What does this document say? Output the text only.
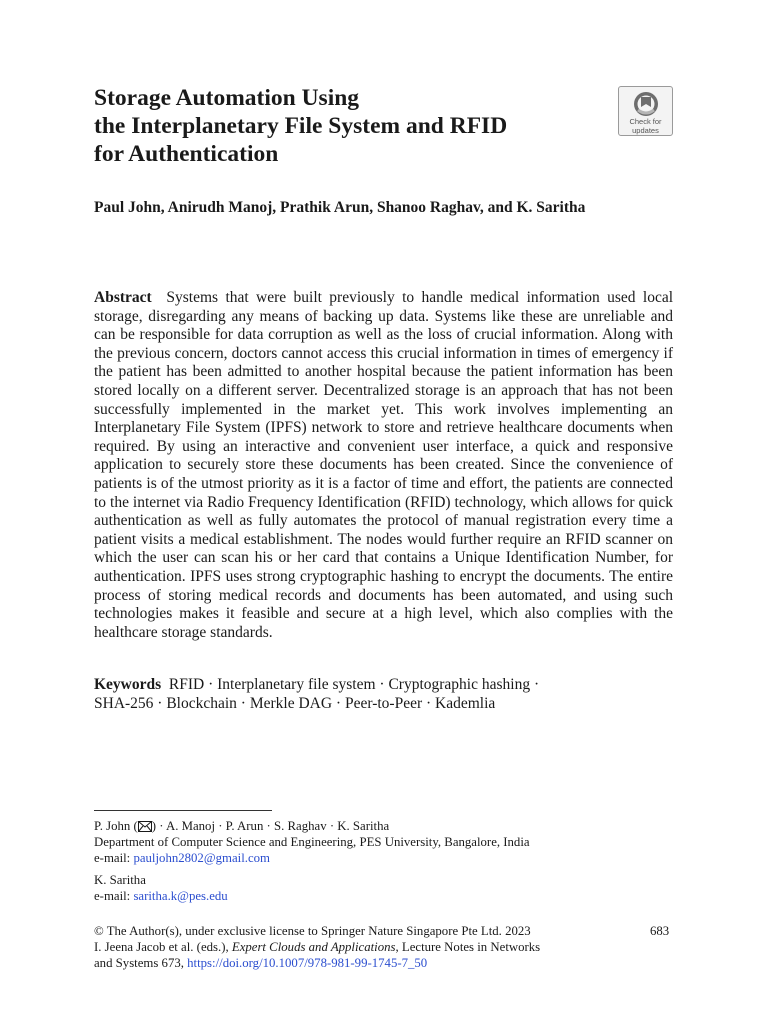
Storage Automation Using
the Interplanetary File System and RFID
for Authentication
Check for
updates

Paul John, Anirudh Manoj, Prathik Arun, Shanoo Raghav, and K. Saritha

Abstract Systems that were built previously to handle medical information used local storage, disregarding any means of backing up data. Systems like these are unreliable and can be responsible for data corruption as well as the loss of crucial information. Along with the previous concern, doctors cannot access this crucial information in times of emergency if the patient has been admitted to another hospital because the patient information has been stored locally on a different server. Decentralized storage is an approach that has not been successfully implemented in the market yet. This work involves implementing an Interplanetary File System (IPFS) network to store and retrieve healthcare documents when required. By using an interactive and convenient user interface, a quick and responsive application to securely store these documents has been created. Since the convenience of patients is of the utmost priority as it is a factor of time and effort, the patients are connected to the internet via Radio Frequency Identification (RFID) technology, which allows for quick authentication as well as fully automates the protocol of manual registration every time a patient visits a medical establishment. The nodes would further require an RFID scanner on which the user can scan his or her card that contains a Unique Identification Number, for authentication. IPFS uses strong cryptographic hashing to encrypt the documents. The entire process of storing medical records and documents has been automated, and using such technologies makes it feasible and secure at a high level, which also complies with the healthcare storage standards.

Keywords RFID · Interplanetary file system · Cryptographic hashing ·
SHA-256 · Blockchain · Merkle DAG · Peer-to-Peer · Kademlia

P. John ( ) · A. Manoj · P. Arun · S. Raghav · K. Saritha
Department of Computer Science and Engineering, PES University, Bangalore, India
e-mail: pauljohn2802@gmail.com

K. Saritha
e-mail: saritha.k@pes.edu

© The Author(s), under exclusive license to Springer Nature Singapore Pte Ltd. 2023
I. Jeena Jacob et al. (eds.), Expert Clouds and Applications, Lecture Notes in Networks
and Systems 673, https://doi.org/10.1007/978-981-99-1745-7_50

683
